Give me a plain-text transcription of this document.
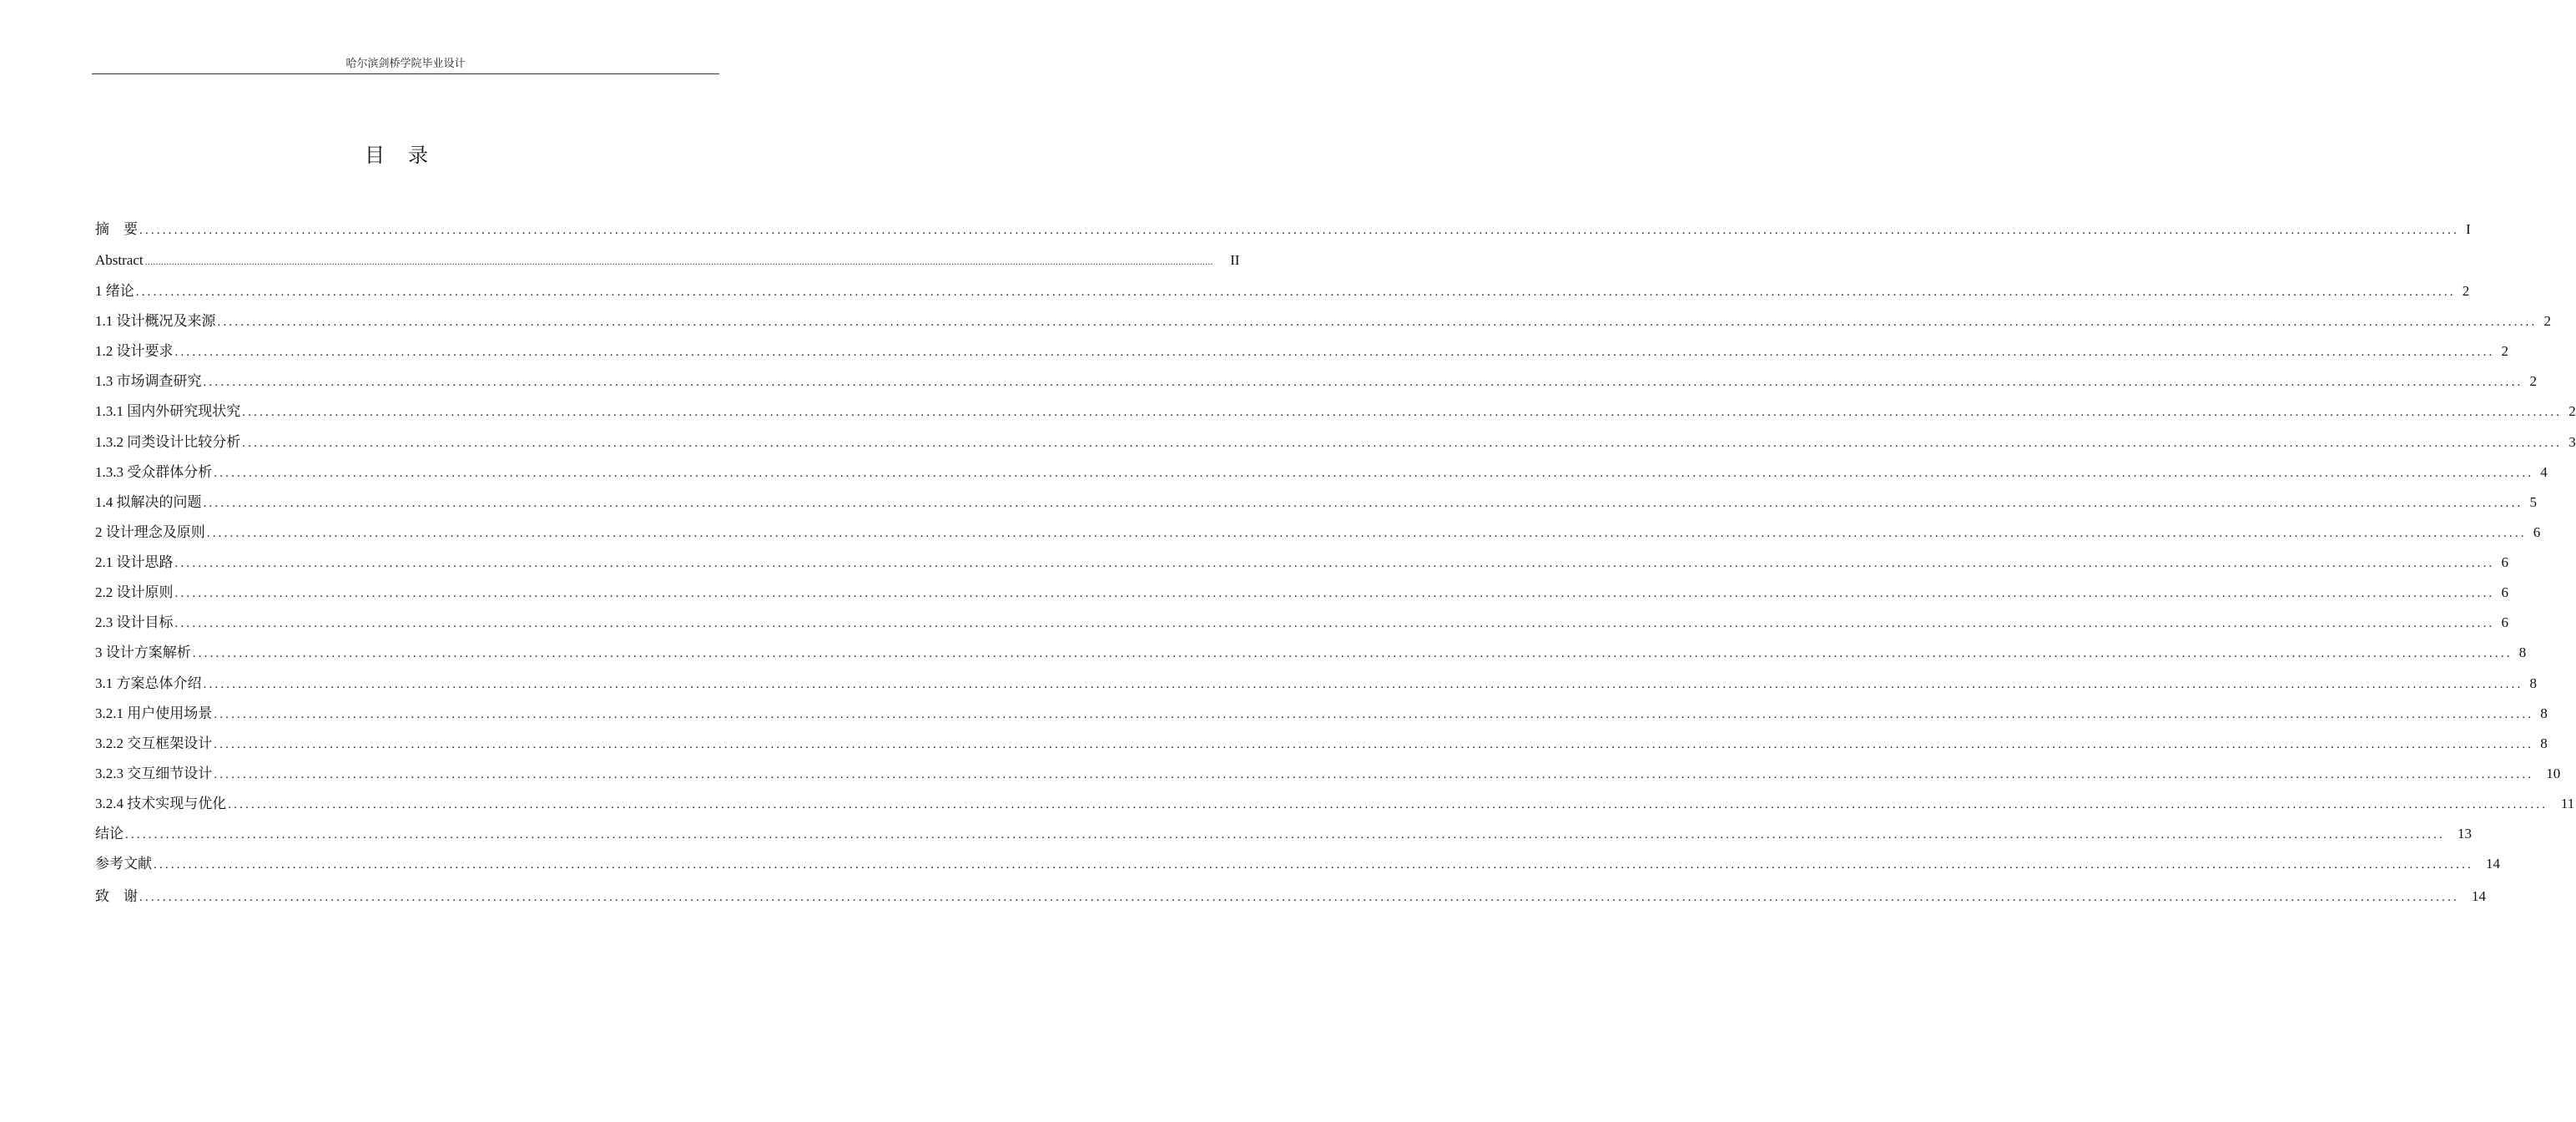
哈尔滨剑桥学院毕业设计
目 录
摘　要 ................................................................................................................................................................................................................................................................................................................................................................................................................ I
Abstract ................................................................................................................................................................................................................................................................................................................................................................................................................	II
1 绪论 ................................................................................................................................................................................................................................................................................................................................................................................................................ 2
1.1 设计概况及来源 ................................................................................................................................................................................................................................................................................................................................................................................................................ 2
1.2 设计要求 ................................................................................................................................................................................................................................................................................................................................................................................................................ 2
1.3 市场调查研究 ................................................................................................................................................................................................................................................................................................................................................................................................................ 2
1.3.1 国内外研究现状究 ................................................................................................................................................................................................................................................................................................................................................................................................................ 2
1.3.2 同类设计比较分析 ................................................................................................................................................................................................................................................................................................................................................................................................................ 3
1.3.3 受众群体分析 ................................................................................................................................................................................................................................................................................................................................................................................................................ 4
1.4 拟解决的问题 ................................................................................................................................................................................................................................................................................................................................................................................................................ 5
2 设计理念及原则 ................................................................................................................................................................................................................................................................................................................................................................................................................ 6
2.1 设计思路 ................................................................................................................................................................................................................................................................................................................................................................................................................ 6
2.2 设计原则 ................................................................................................................................................................................................................................................................................................................................................................................................................ 6
2.3 设计目标 ................................................................................................................................................................................................................................................................................................................................................................................................................ 6
3 设计方案解析 ................................................................................................................................................................................................................................................................................................................................................................................................................ 8
3.1 方案总体介绍 ................................................................................................................................................................................................................................................................................................................................................................................................................ 8
3.2.1 用户使用场景 ................................................................................................................................................................................................................................................................................................................................................................................................................ 8
3.2.2 交互框架设计 ................................................................................................................................................................................................................................................................................................................................................................................................................ 8
3.2.3 交互细节设计 ................................................................................................................................................................................................................................................................................................................................................................................................................ 10
3.2.4 技术实现与优化 ................................................................................................................................................................................................................................................................................................................................................................................................................ 11
结论 ................................................................................................................................................................................................................................................................................................................................................................................................................ 13
参考文献 ................................................................................................................................................................................................................................................................................................................................................................................................................ 14
致　谢 ................................................................................................................................................................................................................................................................................................................................................................................................................ 14
